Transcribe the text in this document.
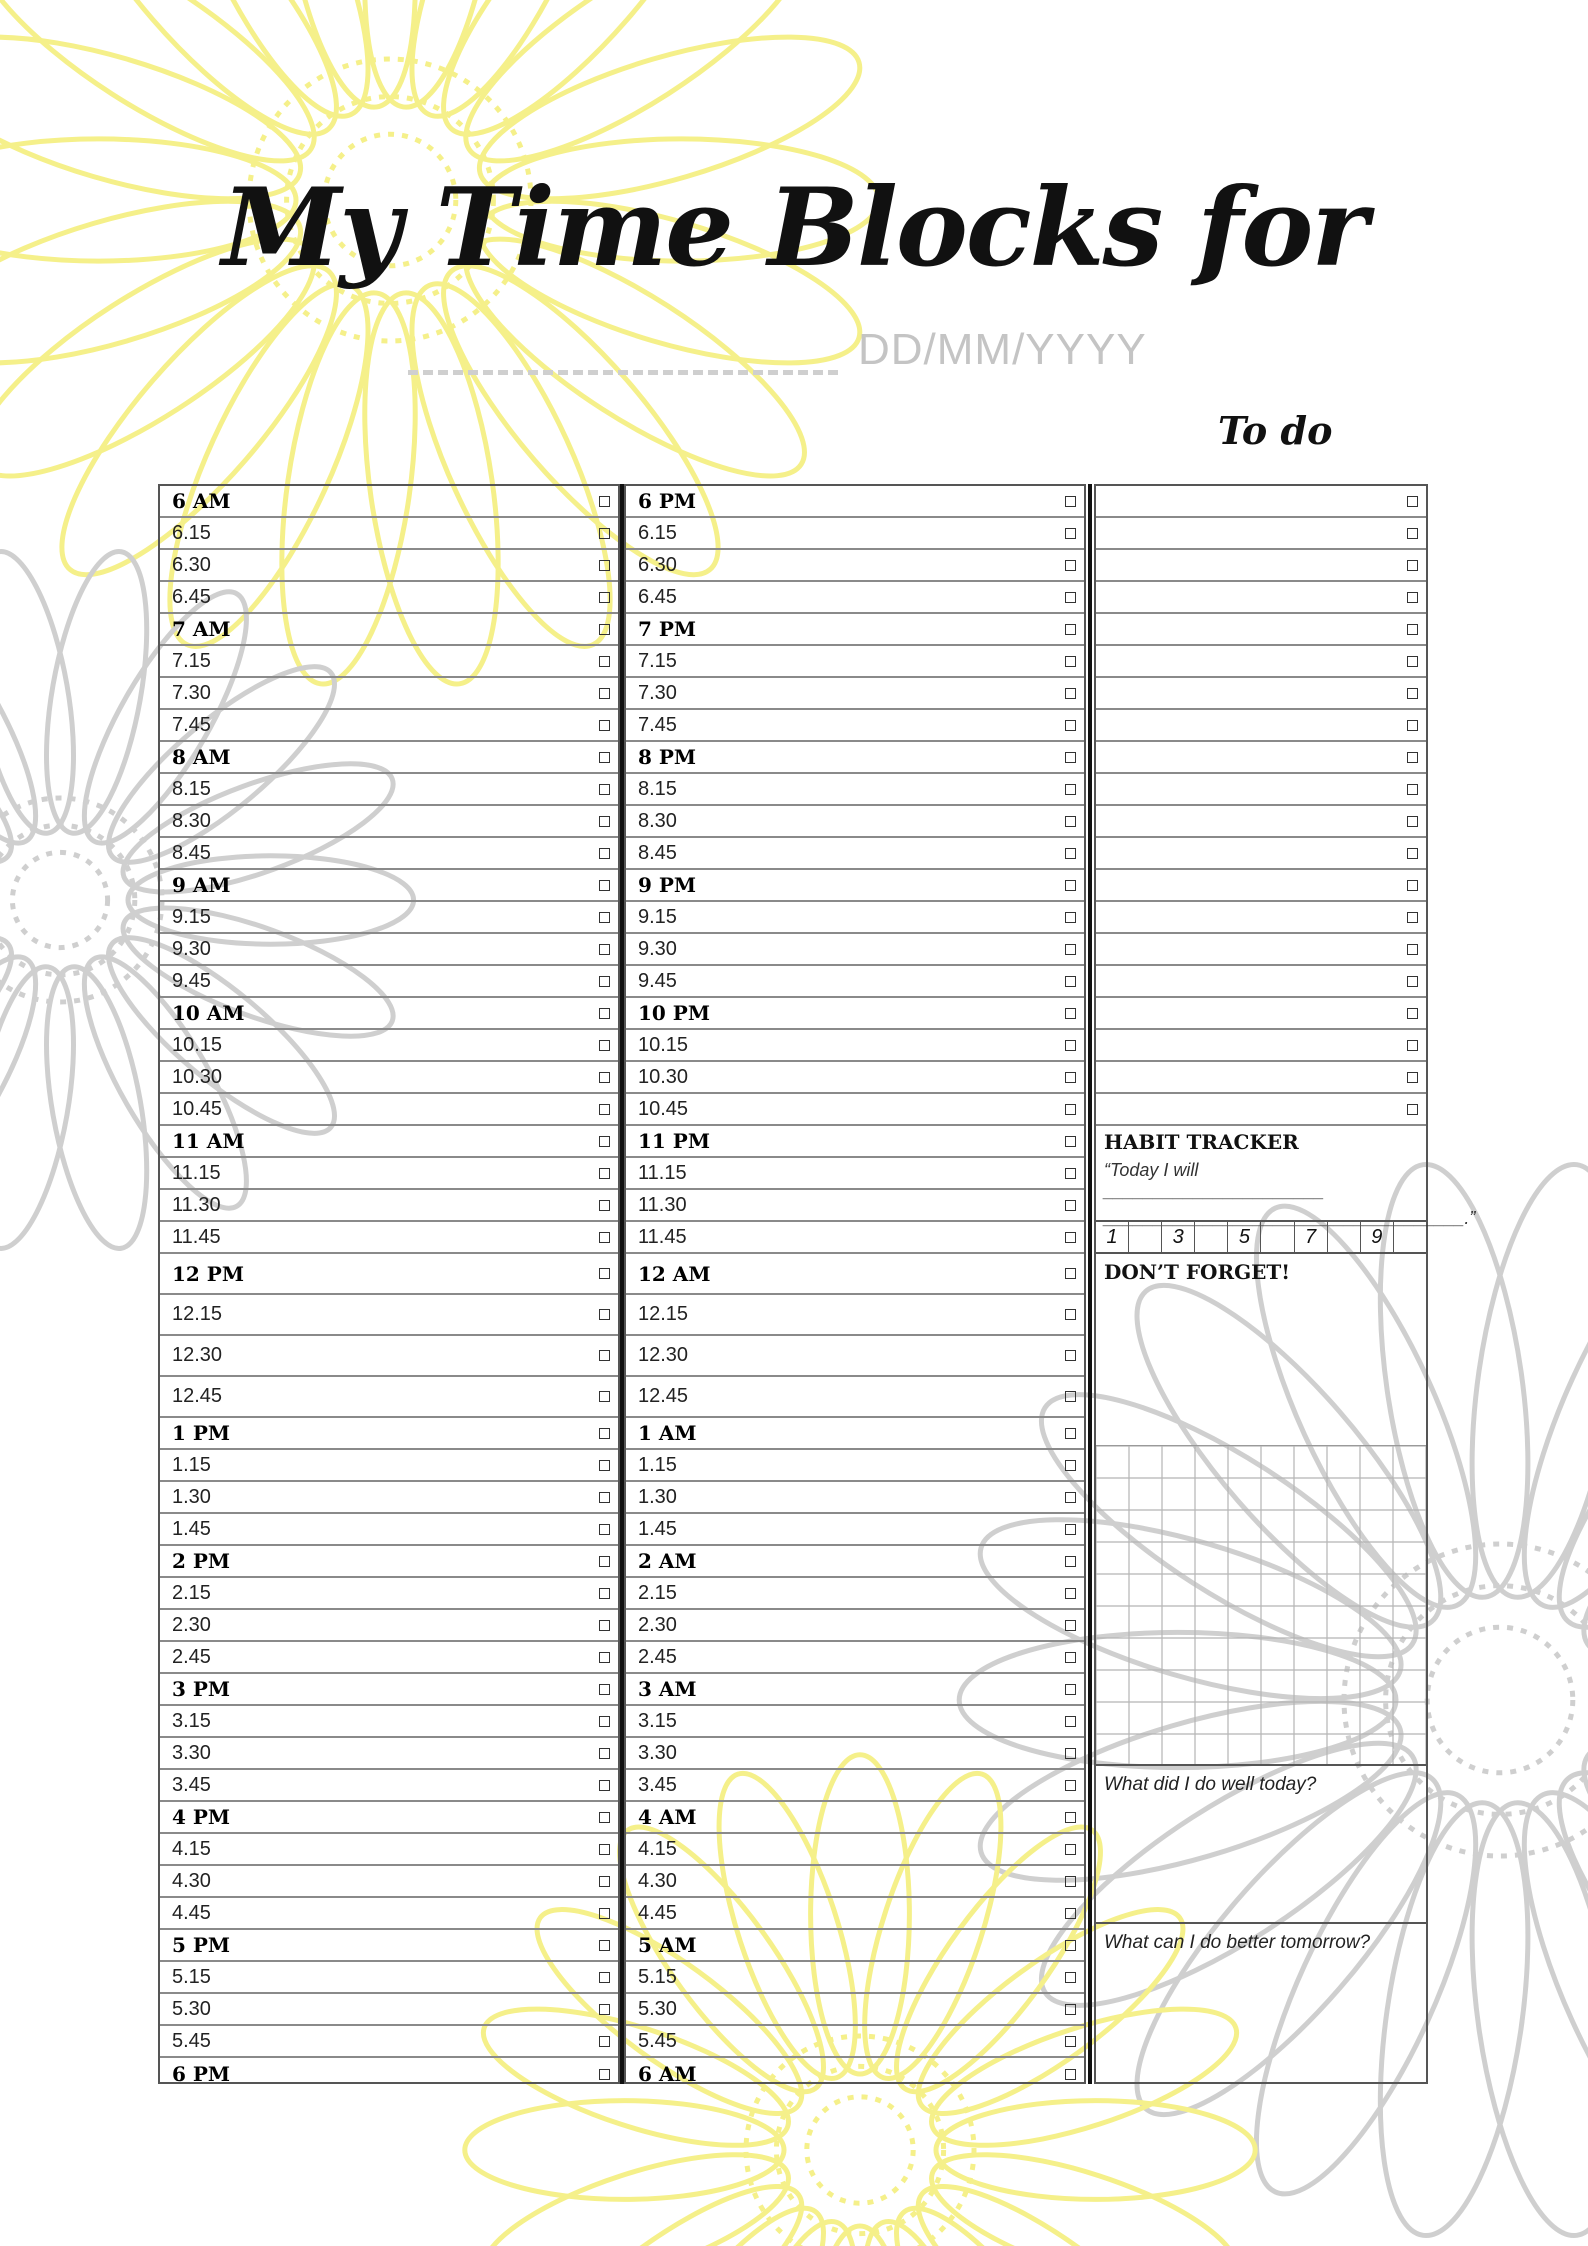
My Time Blocks for
DD/MM/YYYY
To do
6 AM
6.15
6.30
6.45
7 AM
7.15
7.30
7.45
8 AM
8.15
8.30
8.45
9 AM
9.15
9.30
9.45
10 AM
10.15
10.30
10.45
11 AM
11.15
11.30
11.45
12 PM
12.15
12.30
12.45
1 PM
1.15
1.30
1.45
2 PM
2.15
2.30
2.45
3 PM
3.15
3.30
3.45
4 PM
4.15
4.30
4.45
5 PM
5.15
5.30
5.45
6 PM
6 PM
6.15
6.30
6.45
7 PM
7.15
7.30
7.45
8 PM
8.15
8.30
8.45
9 PM
9.15
9.30
9.45
10 PM
10.15
10.30
10.45
11 PM
11.15
11.30
11.45
12 AM
12.15
12.30
12.45
1 AM
1.15
1.30
1.45
2 AM
2.15
2.30
2.45
3 AM
3.15
3.30
3.45
4 AM
4.15
4.30
4.45
5 AM
5.15
5.30
5.45
6 AM
HABIT TRACKER
“Today I will ______________________
____________________________________.”
1	3	5	7	9
DON’T FORGET!
What did I do well today?
What can I do better tomorrow?
